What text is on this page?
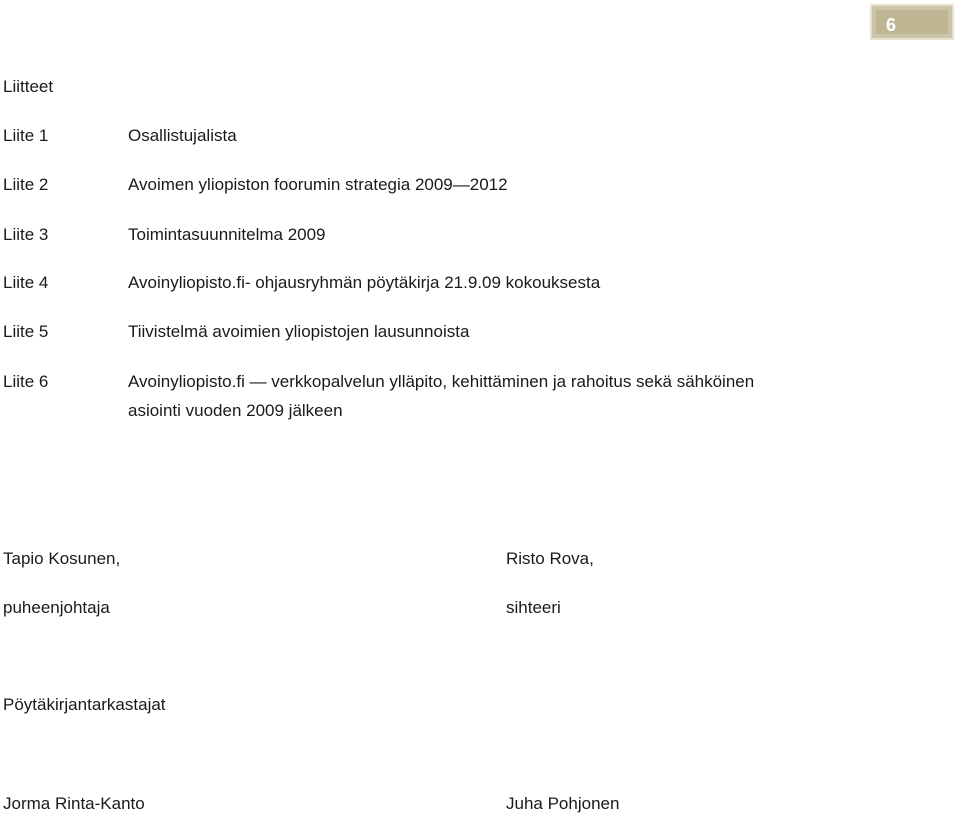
6
Liitteet
Liite 1	Osallistujalista
Liite 2	Avoimen yliopiston foorumin strategia 2009—2012
Liite 3	Toimintasuunnitelma 2009
Liite 4	Avoinyliopisto.fi- ohjausryhmän pöytäkirja 21.9.09 kokouksesta
Liite 5	Tiivistelmä avoimien yliopistojen lausunnoista
Liite 6	Avoinyliopisto.fi — verkkopalvelun ylläpito, kehittäminen ja rahoitus sekä sähköinen
asiointi vuoden 2009 jälkeen
Tapio Kosunen,	Risto Rova,
puheenjohtaja	sihteeri
Pöytäkirjantarkastajat
Jorma Rinta-Kanto	Juha Pohjonen
